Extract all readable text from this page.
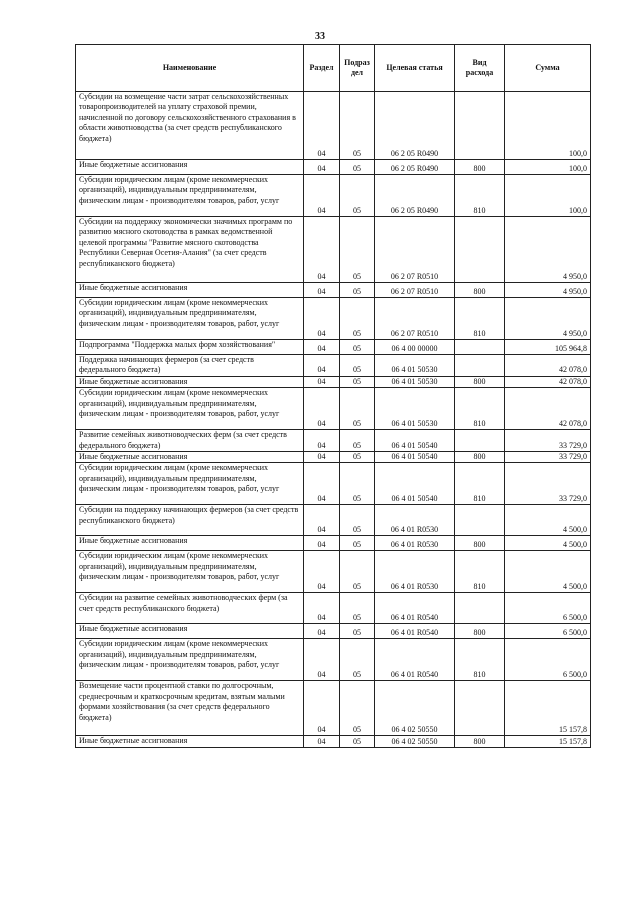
33
Наименование	Раздел	Подраз дел	Целевая статья	Вид расхода	Сумма
Субсидии на возмещение части затрат сельскохозяйственных товаропроизводителей на уплату страховой премии, начисленной по договору сельскохозяйственного страхования в области животноводства (за счет средств республиканского бюджета)	04	05	06 2 05 R0490		100,0
Иные бюджетные ассигнования	04	05	06 2 05 R0490	800	100,0
Субсидии юридическим лицам (кроме некоммерческих организаций), индивидуальным предпринимателям, физическим лицам - производителям товаров, работ, услуг	04	05	06 2 05 R0490	810	100,0
Субсидии на поддержку экономически значимых программ по развитию мясного скотоводства в рамках ведомственной целевой программы "Развитие мясного скотоводства Республики Северная Осетия-Алания" (за счет средств республиканского бюджета)	04	05	06 2 07 R0510		4 950,0
Иные бюджетные ассигнования	04	05	06 2 07 R0510	800	4 950,0
Субсидии юридическим лицам (кроме некоммерческих организаций), индивидуальным предпринимателям, физическим лицам - производителям товаров, работ, услуг	04	05	06 2 07 R0510	810	4 950,0
Подпрограмма "Поддержка малых форм хозяйствования"	04	05	06 4 00 00000		105 964,8
Поддержка начинающих фермеров (за счет средств федерального бюджета)	04	05	06 4 01 50530		42 078,0
Иные бюджетные ассигнования	04	05	06 4 01 50530	800	42 078,0
Субсидии юридическим лицам (кроме некоммерческих организаций), индивидуальным предпринимателям, физическим лицам - производителям товаров, работ, услуг	04	05	06 4 01 50530	810	42 078,0
Развитие семейных животноводческих ферм (за счет средств федерального бюджета)	04	05	06 4 01 50540		33 729,0
Иные бюджетные ассигнования	04	05	06 4 01 50540	800	33 729,0
Субсидии юридическим лицам (кроме некоммерческих организаций), индивидуальным предпринимателям, физическим лицам - производителям товаров, работ, услуг	04	05	06 4 01 50540	810	33 729,0
Субсидии на поддержку начинающих фермеров (за счет средств республиканского бюджета)	04	05	06 4 01 R0530		4 500,0
Иные бюджетные ассигнования	04	05	06 4 01 R0530	800	4 500,0
Субсидии юридическим лицам (кроме некоммерческих организаций), индивидуальным предпринимателям, физическим лицам - производителям товаров, работ, услуг	04	05	06 4 01 R0530	810	4 500,0
Субсидии на развитие семейных животноводческих ферм (за счет средств республиканского бюджета)	04	05	06 4 01 R0540		6 500,0
Иные бюджетные ассигнования	04	05	06 4 01 R0540	800	6 500,0
Субсидии юридическим лицам (кроме некоммерческих организаций), индивидуальным предпринимателям, физическим лицам - производителям товаров, работ, услуг	04	05	06 4 01 R0540	810	6 500,0
Возмещение части процентной ставки по долгосрочным, среднесрочным и краткосрочным кредитам, взятым малыми формами хозяйствования (за счет средств федерального бюджета)	04	05	06 4 02 50550		15 157,8
Иные бюджетные ассигнования	04	05	06 4 02 50550	800	15 157,8
